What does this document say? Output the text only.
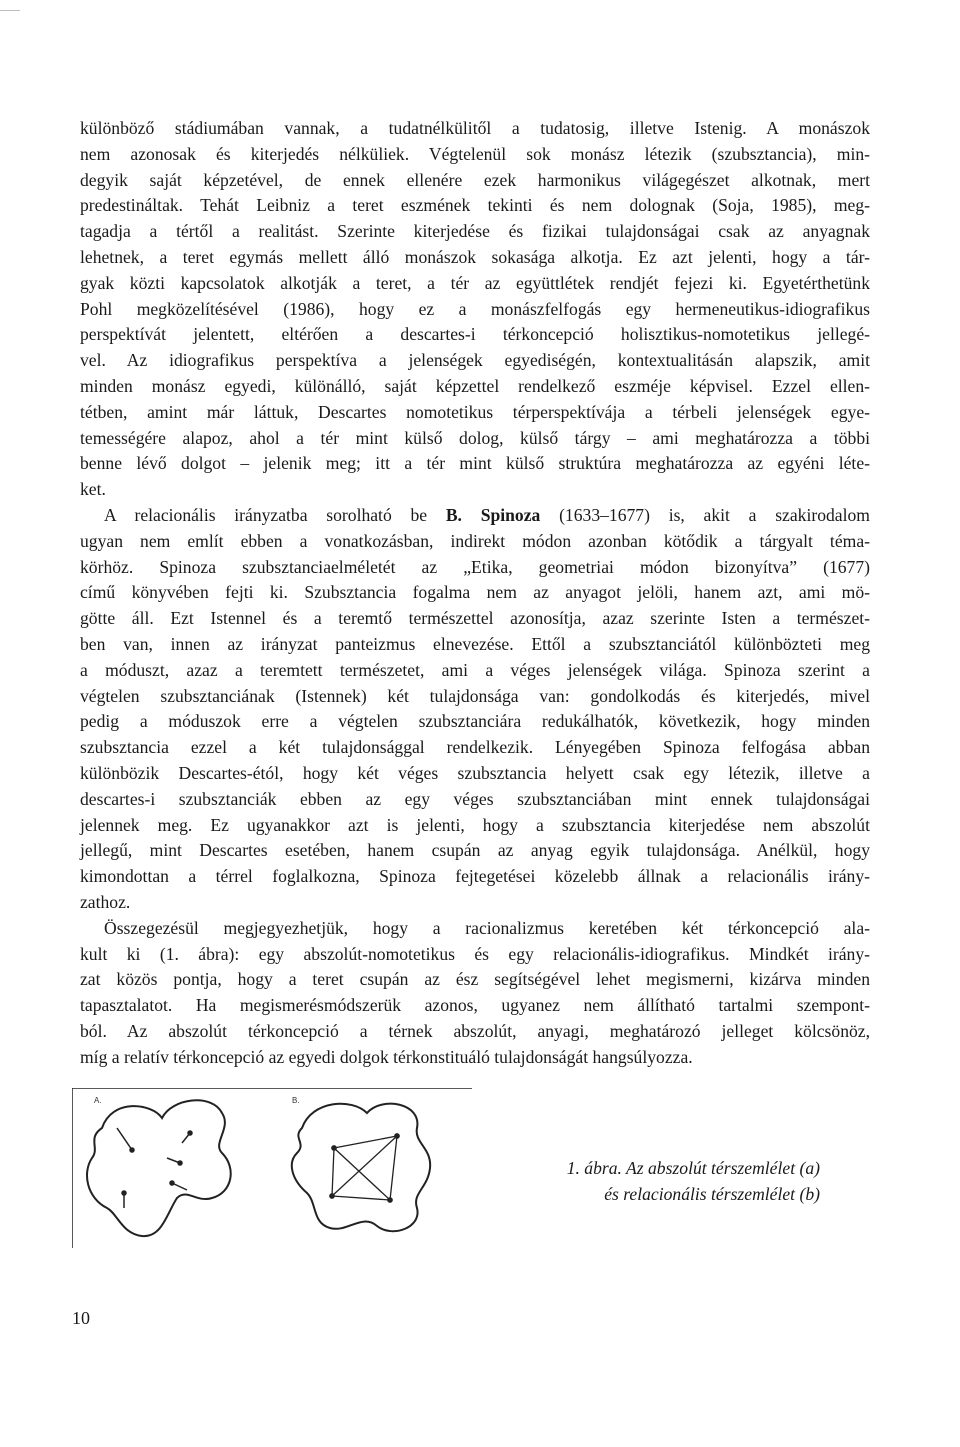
különböző stádiumában vannak, a tudatnélkülitől a tudatosig, illetve Istenig. A monászok
nem azonosak és kiterjedés nélküliek. Végtelenül sok monász létezik (szubsztancia), min-
degyik saját képzetével, de ennek ellenére ezek harmonikus világegészet alkotnak, mert
predestináltak. Tehát Leibniz a teret eszmének tekinti és nem dolognak (Soja, 1985), meg-
tagadja a tértől a realitást. Szerinte kiterjedése és fizikai tulajdonságai csak az anyagnak
lehetnek, a teret egymás mellett álló monászok sokasága alkotja. Ez azt jelenti, hogy a tár-
gyak közti kapcsolatok alkotják a teret, a tér az együttlétek rendjét fejezi ki. Egyetérthetünk
Pohl megközelítésével (1986), hogy ez a monászfelfogás egy hermeneutikus-idiografikus
perspektívát jelentett, eltérően a descartes-i térkoncepció holisztikus-nomotetikus jellegé-
vel. Az idiografikus perspektíva a jelenségek egyediségén, kontextualitásán alapszik, amit
minden monász egyedi, különálló, saját képzettel rendelkező eszméje képvisel. Ezzel ellen-
tétben, amint már láttuk, Descartes nomotetikus térperspektívája a térbeli jelenségek egye-
temességére alapoz, ahol a tér mint külső dolog, külső tárgy – ami meghatározza a többi
benne lévő dolgot – jelenik meg; itt a tér mint külső struktúra meghatározza az egyéni léte-
ket.
A relacionális irányzatba sorolható be B. Spinoza (1633–1677) is, akit a szakirodalom
ugyan nem említ ebben a vonatkozásban, indirekt módon azonban kötődik a tárgyalt téma-
körhöz. Spinoza szubsztanciaelméletét az „Etika, geometriai módon bizonyítva” (1677)
című könyvében fejti ki. Szubsztancia fogalma nem az anyagot jelöli, hanem azt, ami mö-
götte áll. Ezt Istennel és a teremtő természettel azonosítja, azaz szerinte Isten a természet-
ben van, innen az irányzat panteizmus elnevezése. Ettől a szubsztanciától különbözteti meg
a móduszt, azaz a teremtett természetet, ami a véges jelenségek világa. Spinoza szerint a
végtelen szubsztanciának (Istennek) két tulajdonsága van: gondolkodás és kiterjedés, mivel
pedig a móduszok erre a végtelen szubsztanciára redukálhatók, következik, hogy minden
szubsztancia ezzel a két tulajdonsággal rendelkezik. Lényegében Spinoza felfogása abban
különbözik Descartes-étól, hogy két véges szubsztancia helyett csak egy létezik, illetve a
descartes-i szubsztanciák ebben az egy véges szubsztanciában mint ennek tulajdonságai
jelennek meg. Ez ugyanakkor azt is jelenti, hogy a szubsztancia kiterjedése nem abszolút
jellegű, mint Descartes esetében, hanem csupán az anyag egyik tulajdonsága. Anélkül, hogy
kimondottan a térrel foglalkozna, Spinoza fejtegetései közelebb állnak a relacionális irány-
zathoz.
Összegezésül megjegyezhetjük, hogy a racionalizmus keretében két térkoncepció ala-
kult ki (1. ábra): egy abszolút-nomotetikus és egy relacionális-idiografikus. Mindkét irány-
zat közös pontja, hogy a teret csupán az ész segítségével lehet megismerni, kizárva minden
tapasztalatot. Ha megismerésmódszerük azonos, ugyanez nem állítható tartalmi szempont-
ból. Az abszolút térkoncepció a térnek abszolút, anyagi, meghatározó jelleget kölcsönöz,
míg a relatív térkoncepció az egyedi dolgok térkonstituáló tulajdonságát hangsúlyozza.
A.	B.
1. ábra. Az abszolút térszemlélet (a)
és relacionális térszemlélet (b)
10
